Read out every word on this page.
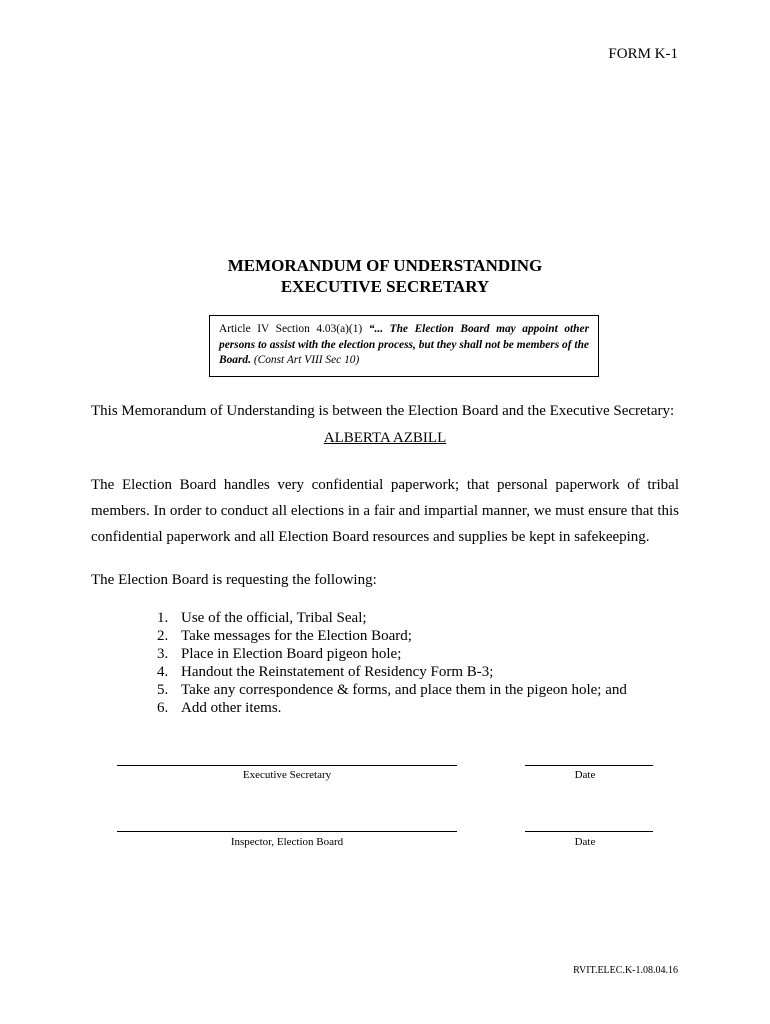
FORM K-1
MEMORANDUM OF UNDERSTANDING
EXECUTIVE SECRETARY
Article IV Section 4.03(a)(1) “... The Election Board may appoint other persons to assist with the election process, but they shall not be members of the Board. (Const Art VIII Sec 10)
This Memorandum of Understanding is between the Election Board and the Executive Secretary:
ALBERTA AZBILL
The Election Board handles very confidential paperwork; that personal paperwork of tribal members. In order to conduct all elections in a fair and impartial manner, we must ensure that this confidential paperwork and all Election Board resources and supplies be kept in safekeeping.
The Election Board is requesting the following:
1. Use of the official, Tribal Seal;
2. Take messages for the Election Board;
3. Place in Election Board pigeon hole;
4. Handout the Reinstatement of Residency Form B-3;
5. Take any correspondence & forms, and place them in the pigeon hole; and
6. Add other items.
Executive Secretary	Date
Inspector, Election Board	Date
RVIT.ELEC.K-1.08.04.16
